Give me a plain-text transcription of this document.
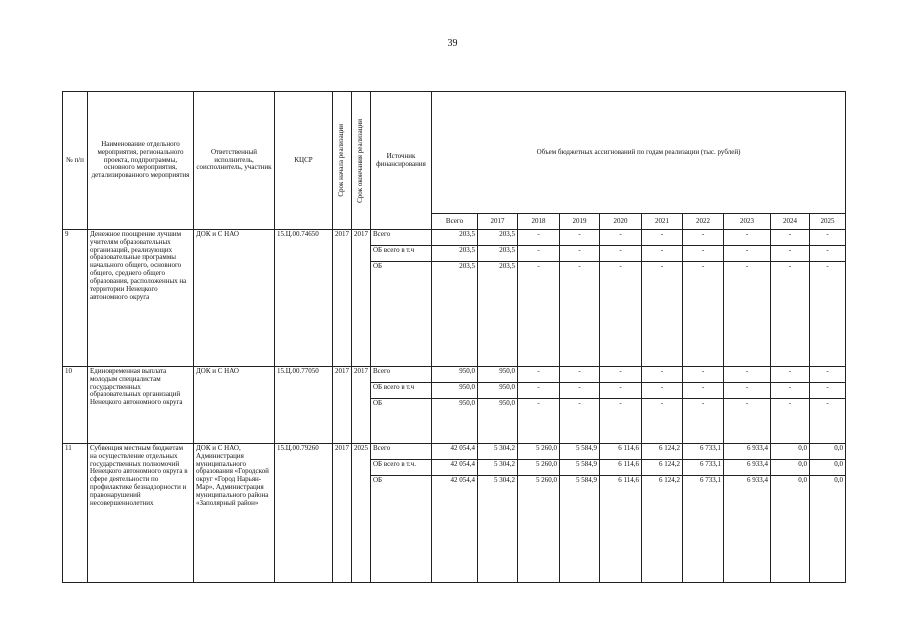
39
№ п/п	Наименование отдельного мероприятия, регионального проекта, подпрограммы, основного мероприятия, детализированного мероприятия	Ответственный исполнитель, соисполнитель, участник	КЦСР	Срок начала реализации	Срок окончания реализации	Источник финансирования	Объем бюджетных ассигнований по годам реализации (тыс. рублей)									
							Всего	2017	2018	2019	2020	2021	2022	2023	2024	2025
9	Денежное поощрение лучшим учителям образовательных организаций, реализующих образовательные программы начального общего, основного общего, среднего общего образования, расположенных на территории Ненецкого автономного округа	ДОК и С НАО	15.Ц.00.74650	2017	2017	Всего	203,5	203,5	-	-	-	-	-	-	-	-
						ОБ всего в т.ч	203,5	203,5	-	-	-	-	-	-	-	-
						ОБ	203,5	203,5	-	-	-	-	-	-	-	-
10	Единовременная выплата молодым специалистам государственных образовательных организаций Ненецкого автономного округа	ДОК и С НАО	15.Ц.00.77050	2017	2017	Всего	950,0	950,0	-	-	-	-	-	-	-	-
						ОБ всего в т.ч	950,0	950,0	-	-	-	-	-	-	-	-
						ОБ	950,0	950,0	-	-	-	-	-	-	-	-
11	Субвенция местным бюджетам на осуществление отдельных государственных полномочий Ненецкого автономного округа в сфере деятельности по профилактике безнадзорности и правонарушений несовершеннолетних	ДОК и С НАО, Администрация муниципального образования «Городской округ «Город Нарьян-Мар», Администрация муниципального района «Заполярный район»	15.Ц.00.79260	2017	2025	Всего	42 054,4	5 304,2	5 260,0	5 584,9	6 114,6	6 124,2	6 733,1	6 933,4	0,0	0,0
						ОБ всего в т.ч.	42 054,4	5 304,2	5 260,0	5 584,9	6 114,6	6 124,2	6 733,1	6 933,4	0,0	0,0
						ОБ	42 054,4	5 304,2	5 260,0	5 584,9	6 114,6	6 124,2	6 733,1	6 933,4	0,0	0,0
